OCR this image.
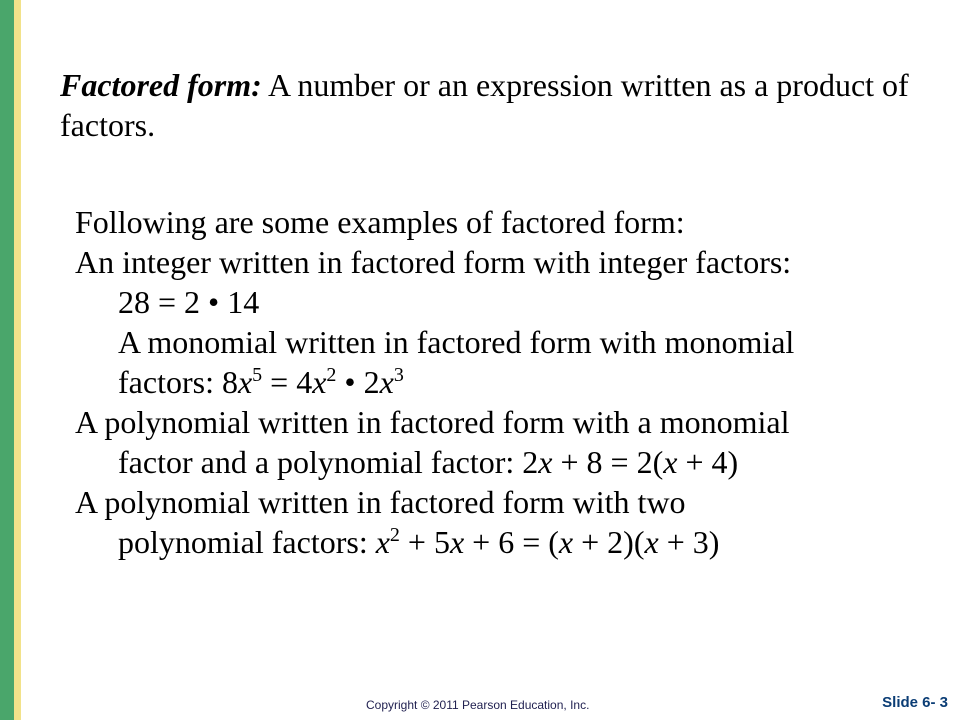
Factored form: A number or an expression written as a product of factors.
Following are some examples of factored form:
An integer written in factored form with integer factors:
28 = 2 • 14
A monomial written in factored form with monomial
factors: $8x^5 = 4x^2$ • $2x^3$
A polynomial written in factored form with a monomial
factor and a polynomial factor: 2x + 8 = 2(x + 4)
A polynomial written in factored form with two
polynomial factors: $x^2 + 5x + 6 = (x + 2)(x + 3)$
Copyright © 2011 Pearson Education, Inc.	Slide 6- 3
